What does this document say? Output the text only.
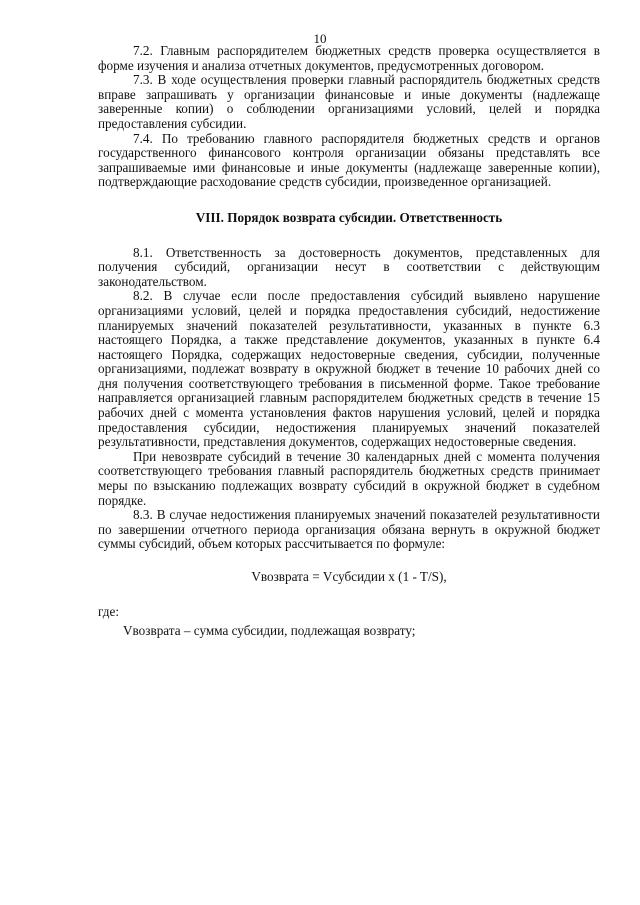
10

7.2. Главным распорядителем бюджетных средств проверка осуществляется в форме изучения и анализа отчетных документов, предусмотренных договором.

7.3. В ходе осуществления проверки главный распорядитель бюджетных средств вправе запрашивать у организации финансовые и иные документы (надлежаще заверенные копии) о соблюдении организациями условий, целей и порядка предоставления субсидии.

7.4. По требованию главного распорядителя бюджетных средств и органов государственного финансового контроля организации обязаны представлять все запрашиваемые ими финансовые и иные документы (надлежаще заверенные копии), подтверждающие расходование средств субсидии, произведенное организацией.

VIII. Порядок возврата субсидии. Ответственность

8.1. Ответственность за достоверность документов, представленных для получения субсидий, организации несут в соответствии с действующим законодательством.

8.2. В случае если после предоставления субсидий выявлено нарушение организациями условий, целей и порядка предоставления субсидий, недостижение планируемых значений показателей результативности, указанных в пункте 6.3 настоящего Порядка, а также представление документов, указанных в пункте 6.4 настоящего Порядка, содержащих недостоверные сведения, субсидии, полученные организациями, подлежат возврату в окружной бюджет в течение 10 рабочих дней со дня получения соответствующего требования в письменной форме. Такое требование направляется организацией главным распорядителем бюджетных средств в течение 15 рабочих дней с момента установления фактов нарушения условий, целей и порядка предоставления субсидии, недостижения планируемых значений показателей результативности, представления документов, содержащих недостоверные сведения.

При невозврате субсидий в течение 30 календарных дней с момента получения соответствующего требования главный распорядитель бюджетных средств принимает меры по взысканию подлежащих возврату субсидий в окружной бюджет в судебном порядке.

8.3. В случае недостижения планируемых значений показателей результативности по завершении отчетного периода организация обязана вернуть в окружной бюджет суммы субсидий, объем которых рассчитывается по формуле:

Vвозврата = Vсубсидии x (1 - T/S),

где:

Vвозврата – сумма субсидии, подлежащая возврату;
